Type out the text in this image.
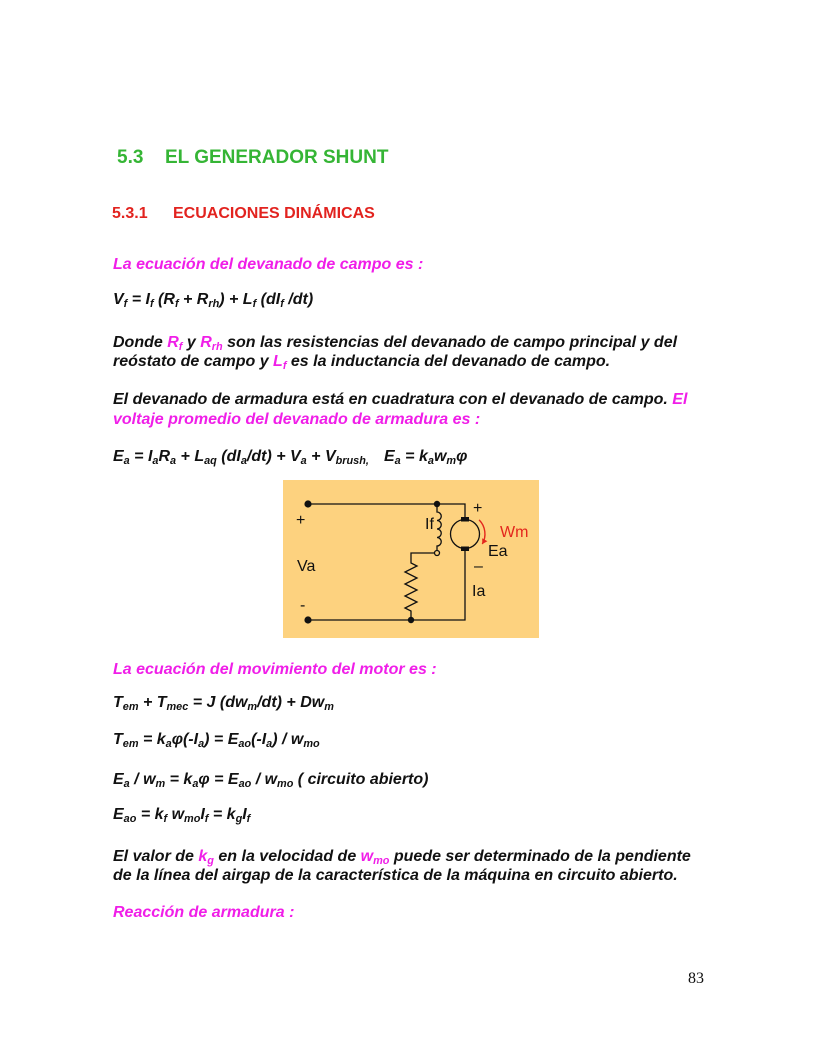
5.3 EL GENERADOR SHUNT
5.3.1 ECUACIONES DINÁMICAS
La ecuación del devanado de campo es :
$V_f = I_f$ $(R_f + R_{rh}) + L_f$ ($dI_f$ /dt)
Donde $R_f$ y $R_{rh}$ son las resistencias del devanado de campo principal y del
reóstato de campo y $L_f$ es la inductancia del devanado de campo.
El devanado de armadura está en cuadratura con el devanado de campo. El
voltaje promedio del devanado de armadura es :
$E_a = I_aR_a + L_{aq}$ $(dI_a/dt) + V_a + V_{brush,}$ $E_a = k_aw_m\varphi$
+
Va
-
If
+
Wm
Ea
–
Ia
La ecuación del movimiento del motor es :
$T_{em} + T_{mec} = J$ $(dw_m/dt) + Dw_m$
$T_{em} = k_a\varphi(-I_a) = E_{ao}(-I_a) / w_{mo}$
$E_a / w_m = k_a\varphi = E_{ao} / w_{mo}$ ( circuito abierto)
$E_{ao} = k_f$ $w_{mo}I_f = k_gI_f$
El valor de $k_g$ en la velocidad de $w_{mo}$ puede ser determinado de la pendiente
de la línea del airgap de la característica de la máquina en circuito abierto.
Reacción de armadura :
83
